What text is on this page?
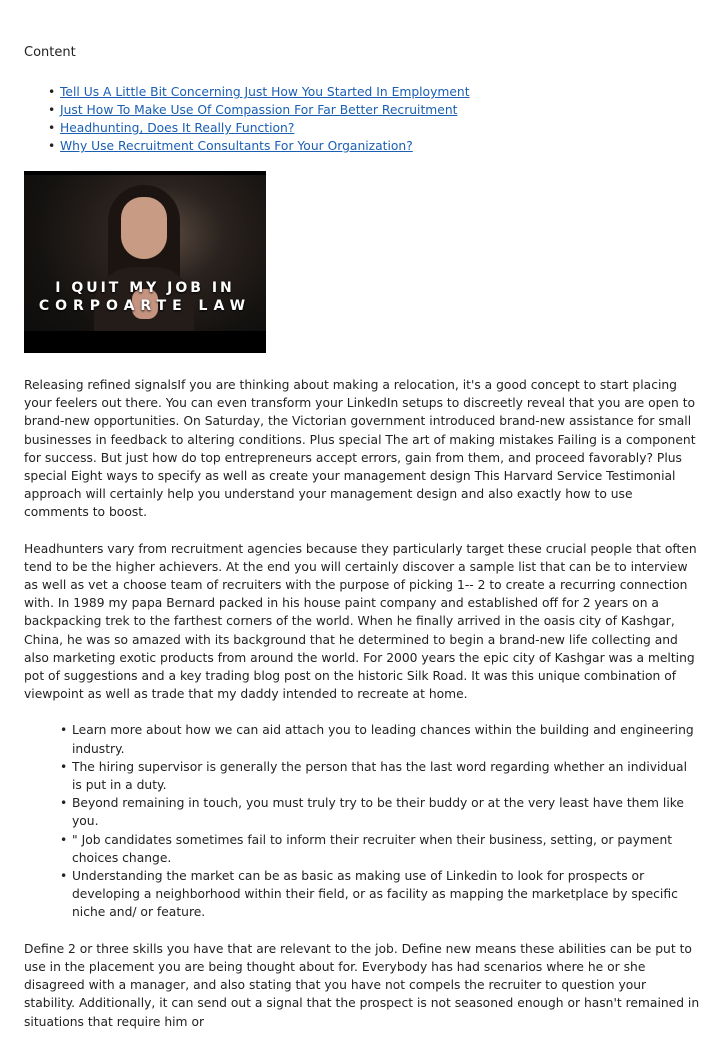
Content
• Tell Us A Little Bit Concerning Just How You Started In Employment
• Just How To Make Use Of Compassion For Far Better Recruitment
• Headhunting, Does It Really Function?
• Why Use Recruitment Consultants For Your Organization?
I QUIT MY JOB IN
CORPOARTE LAW

Releasing refined signalsIf you are thinking about making a relocation, it's a good concept to start placing your feelers out there. You can even transform your LinkedIn setups to discreetly reveal that you are open to brand-new opportunities. On Saturday, the Victorian government introduced brand-new assistance for small businesses in feedback to altering conditions. Plus special The art of making mistakes Failing is a component for success. But just how do top entrepreneurs accept errors, gain from them, and proceed favorably? Plus special Eight ways to specify as well as create your management design This Harvard Service Testimonial approach will certainly help you understand your management design and also exactly how to use comments to boost.

Headhunters vary from recruitment agencies because they particularly target these crucial people that often tend to be the higher achievers. At the end you will certainly discover a sample list that can be to interview as well as vet a choose team of recruiters with the purpose of picking 1-- 2 to create a recurring connection with. In 1989 my papa Bernard packed in his house paint company and established off for 2 years on a backpacking trek to the farthest corners of the world. When he finally arrived in the oasis city of Kashgar, China, he was so amazed with its background that he determined to begin a brand-new life collecting and also marketing exotic products from around the world. For 2000 years the epic city of Kashgar was a melting pot of suggestions and a key trading blog post on the historic Silk Road. It was this unique combination of viewpoint as well as trade that my daddy intended to recreate at home.

• Learn more about how we can aid attach you to leading chances within the building and engineering industry.
• The hiring supervisor is generally the person that has the last word regarding whether an individual is put in a duty.
• Beyond remaining in touch, you must truly try to be their buddy or at the very least have them like you.
• " Job candidates sometimes fail to inform their recruiter when their business, setting, or payment choices change.
• Understanding the market can be as basic as making use of Linkedin to look for prospects or developing a neighborhood within their field, or as facility as mapping the marketplace by specific niche and/ or feature.

Define 2 or three skills you have that are relevant to the job. Define new means these abilities can be put to use in the placement you are being thought about for. Everybody has had scenarios where he or she disagreed with a manager, and also stating that you have not compels the recruiter to question your stability. Additionally, it can send out a signal that the prospect is not seasoned enough or hasn't remained in situations that require him or
